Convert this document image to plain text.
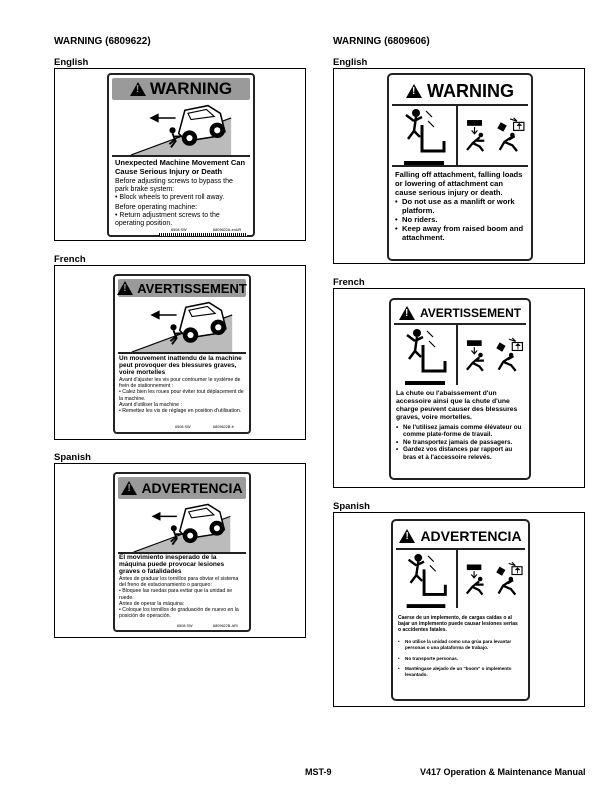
WARNING (6809622)	WARNING (6809606)
English
!
WARNING
Unexpected Machine Movement Can Cause Serious Injury or Death
Before adjusting screws to bypass the park brake system:
• Block wheels to prevent roll away.
Before operating machine:
• Return adjustment screws to the operating position.
6508 SW	6809622A-enUR
French
!
AVERTISSEMENT
Un mouvement inattendu de la machine peut provoquer des blessures graves, voire mortelles
Avant d'ajuster les vis pour contourner le système de frein de stationnement :
• Calez bien les roues pour éviter tout déplacement de la machine.
Avant d'utiliser la machine :
• Remettez les vis de réglage en position d'utilisation.
6508 SW	6809622B-fr
Spanish
!
ADVERTENCIA
El movimiento inesperado de la máquina puede provocar lesiones graves o fatalidades
Antes de graduar los tornillos para obviar el sistema del freno de estacionamiento o parqueo:
• Bloquee las ruedas para evitar que la unidad se ruede.
Antes de operar la máquina:
• Coloque los tornillos de graduación de nuevo en la posición de operación.
6508 SW	6809622B-ARI
English
!
WARNING
Falling off attachment, falling loads or lowering of attachment can cause serious injury or death.
• Do not use as a manlift or work platform.
• No riders.
• Keep away from raised boom and attachment.
French
!
AVERTISSEMENT
La chute ou l'abaissement d'un accessoire ainsi que la chute d'une charge peuvent causer des blessures graves, voire mortelles.
• Ne l'utilisez jamais comme élévateur ou comme plate-forme de travail.
• Ne transportez jamais de passagers.
• Gardez vos distances par rapport au bras et à l'accessoire relevés.
Spanish
!
ADVERTENCIA
Caerse de un implemento, de cargas caídas o al bajar un implemento puede causar lesiones serias o accidentes fatales.
• No utilice la unidad como una grúa para levantar personas o una plataforma de trabajo.
• No transporte personas.
• Manténgase alejado de un "boom" o implemento levantado.
MST-9	V417 Operation & Maintenance Manual
